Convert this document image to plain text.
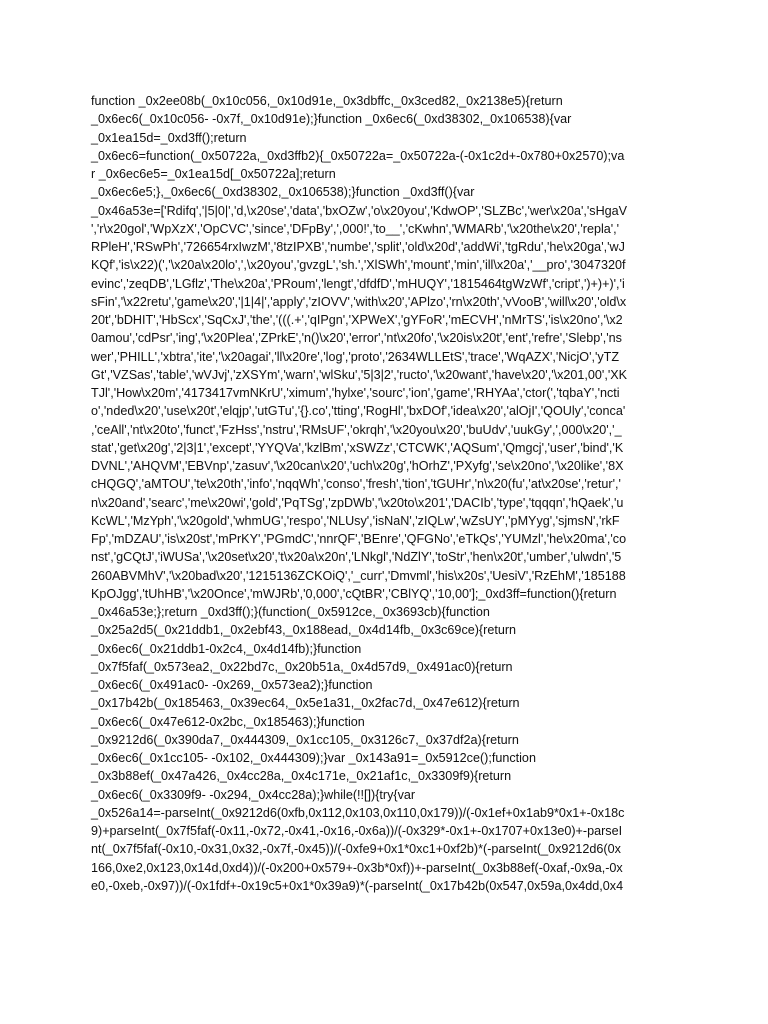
function _0x2ee08b(_0x10c056,_0x10d91e,_0x3dbffc,_0x3ced82,_0x2138e5){return
_0x6ec6(_0x10c056- -0x7f,_0x10d91e);}function _0x6ec6(_0xd38302,_0x106538){var
_0x1ea15d=_0xd3ff();return
_0x6ec6=function(_0x50722a,_0xd3ffb2){_0x50722a=_0x50722a-(-0x1c2d+-0x780+0x2570);va
r _0x6ec6e5=_0x1ea15d[_0x50722a];return
_0x6ec6e5;},_0x6ec6(_0xd38302,_0x106538);}function _0xd3ff(){var
_0x46a53e=['Rdifq','|5|0|','d,\x20se','data','bxOZw','o\x20you','KdwOP','SLZBc','wer\x20a','sHgaV
','r\x20gol','WpXzX','OpCVC','since','DFpBy',',000!','to__','cKwhn','WMARb','\x20the\x20','repla','
RPleH','RSwPh','726654rxIwzM','8tzIPXB','numbe','split','old\x20d','addWi','tgRdu','he\x20ga','wJ
KQf','is\x22)(','\x20a\x20lo',',\x20you','gvzgL','sh.','XlSWh','mount','min','ill\x20a','__pro','3047320f
evinc','zeqDB','LGflz','The\x20a','PRoum','lengt','dfdfD','mHUQY','1815464tgWzWf','cript',')+)+)','i
sFin','\x22retu','game\x20','|1|4|','apply','zIOVV','with\x20','APlzo','rn\x20th','vVooB','will\x20','old\x
20t','bDHIT','HbScx','SqCxJ','the','(((.+','qIPgn','XPWeX','gYFoR','mECVH','nMrTS','is\x20no','\x2
0amou','cdPsr','ing','\x20Plea','ZPrkE','n()\x20','error','nt\x20fo','\x20is\x20t','ent','refre','Slebp','ns
wer','PHILL','xbtra','ite','\x20agai','ll\x20re','log','proto','2634WLLEtS','trace','WqAZX','NicjO','yTZ
Gt','VZSas','table','wVJvj','zXSYm','warn','wlSku','5|3|2','ructo','\x20want','have\x20','\x201,00','XK
TJl','How\x20m','4173417vmNKrU','ximum','hylxe','sourc','ion','game','RHYAa','ctor(','tqbaY','ncti
o','nded\x20','use\x20t','elqjp','utGTu','{}.co','tting','RogHl','bxDOf','idea\x20','alOjI','QOUly','conca'
,'ceAll','nt\x20to','funct','FzHss','nstru','RMsUF','okrqh','\x20you\x20','buUdv','uukGy',',000\x20','_
stat','get\x20g','2|3|1','except','YYQVa','kzlBm','xSWZz','CTCWK','AQSum','Qmgcj','user','bind','K
DVNL','AHQVM','EBVnp','zasuv','\x20can\x20','uch\x20g','hOrhZ','PXyfg','se\x20no','\x20like','8X
cHQGQ','aMTOU','te\x20th','info','nqqWh','conso','fresh','tion','tGUHr','n\x20(fu','at\x20se','retur','
n\x20and','searc','me\x20wi','gold','PqTSg','zpDWb','\x20to\x201','DACIb','type','tqqqn','hQaek','u
KcWL','MzYph','\x20gold','whmUG','respo','NLUsy','isNaN','zIQLw','wZsUY','pMYyg','sjmsN','rkF
Fp','mDZAU','is\x20st','mPrKY','PGmdC','nnrQF','BEnre','QFGNo','eTkQs','YUMzl','he\x20ma','co
nst','gCQtJ','iWUSa','\x20set\x20','t\x20a\x20n','LNkgl','NdZlY','toStr','hen\x20t','umber','ulwdn','5
260ABVMhV','\x20bad\x20','1215136ZCKOiQ','_curr','Dmvml','his\x20s','UesiV','RzEhM','185188
KpOJgg','tUhHB','\x20Once','mWJRb','0,000','cQtBR','CBlYQ','10,00'];_0xd3ff=function(){return
_0x46a53e;};return _0xd3ff();}(function(_0x5912ce,_0x3693cb){function
_0x25a2d5(_0x21ddb1,_0x2ebf43,_0x188ead,_0x4d14fb,_0x3c69ce){return
_0x6ec6(_0x21ddb1-0x2c4,_0x4d14fb);}function
_0x7f5faf(_0x573ea2,_0x22bd7c,_0x20b51a,_0x4d57d9,_0x491ac0){return
_0x6ec6(_0x491ac0- -0x269,_0x573ea2);}function
_0x17b42b(_0x185463,_0x39ec64,_0x5e1a31,_0x2fac7d,_0x47e612){return
_0x6ec6(_0x47e612-0x2bc,_0x185463);}function
_0x9212d6(_0x390da7,_0x444309,_0x1cc105,_0x3126c7,_0x37df2a){return
_0x6ec6(_0x1cc105- -0x102,_0x444309);}var _0x143a91=_0x5912ce();function
_0x3b88ef(_0x47a426,_0x4cc28a,_0x4c171e,_0x21af1c,_0x3309f9){return
_0x6ec6(_0x3309f9- -0x294,_0x4cc28a);}while(!![]){try{var
_0x526a14=-parseInt(_0x9212d6(0xfb,0x112,0x103,0x110,0x179))/(-0x1ef+0x1ab9*0x1+-0x18c
9)+parseInt(_0x7f5faf(-0x11,-0x72,-0x41,-0x16,-0x6a))/(-0x329*-0x1+-0x1707+0x13e0)+-parseI
nt(_0x7f5faf(-0x10,-0x31,0x32,-0x7f,-0x45))/(-0xfe9+0x1*0xc1+0xf2b)*(-parseInt(_0x9212d6(0x
166,0xe2,0x123,0x14d,0xd4))/(-0x200+0x579+-0x3b*0xf))+-parseInt(_0x3b88ef(-0xaf,-0x9a,-0x
e0,-0xeb,-0x97))/(-0x1fdf+-0x19c5+0x1*0x39a9)*(-parseInt(_0x17b42b(0x547,0x59a,0x4dd,0x4
